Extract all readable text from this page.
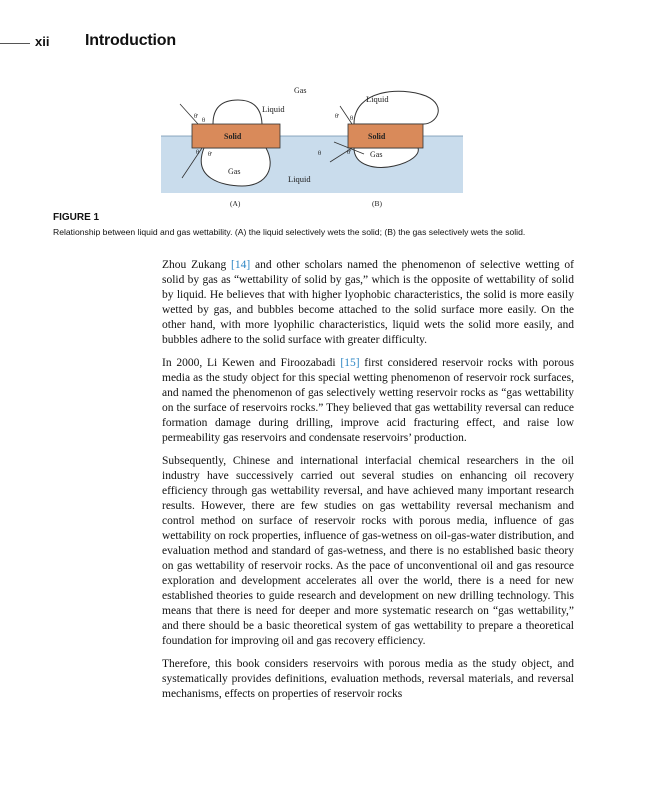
xii Introduction
Gas
Liquid
Liquid
Solid	Solid
Gas
Gas
Liquid
(A)	(B)
θ'
θ
θ θ'
θ' θ
θ	θ'
FIGURE 1
Relationship between liquid and gas wettability. (A) the liquid selectively wets the solid; (B) the gas selectively wets the solid.

Zhou Zukang [14] and other scholars named the phenomenon of selective wetting of solid by gas as “wettability of solid by gas,” which is the opposite of wettability of solid by liquid. He believes that with higher lyophobic characteristics, the solid is more easily wetted by gas, and bubbles become attached to the solid surface more easily. On the other hand, with more lyophilic characteristics, liquid wets the solid more easily, and bubbles adhere to the solid surface with greater difficulty.

In 2000, Li Kewen and Firoozabadi [15] first considered reservoir rocks with porous media as the study object for this special wetting phenomenon of reservoir rock surfaces, and named the phenomenon of gas selectively wetting reservoir rocks as “gas wettability on the surface of reservoirs rocks.” They believed that gas wettability reversal can reduce formation damage during drilling, improve acid fracturing effect, and raise low permeability gas reservoirs and condensate reservoirs’ production.

Subsequently, Chinese and international interfacial chemical researchers in the oil industry have successively carried out several studies on enhancing oil recovery efficiency through gas wettability reversal, and have achieved many important research results. However, there are few studies on gas wettability reversal mechanism and control method on surface of reservoir rocks with porous media, influence of gas wettability on rock properties, influence of gas-wetness on oil-gas-water distribution, and evaluation method and standard of gas-wetness, and there is no established basic theory on gas wettability of reservoir rocks. As the pace of unconventional oil and gas resource exploration and development accelerates all over the world, there is a need for new established theories to guide research and development on new drilling technology. This means that there is need for deeper and more systematic research on “gas wettability,” and there should be a basic theoretical system of gas wettability to prepare a theoretical foundation for improving oil and gas recovery efficiency.

Therefore, this book considers reservoirs with porous media as the study object, and systematically provides definitions, evaluation methods, reversal materials, and reversal mechanisms, effects on properties of reservoir rocks
